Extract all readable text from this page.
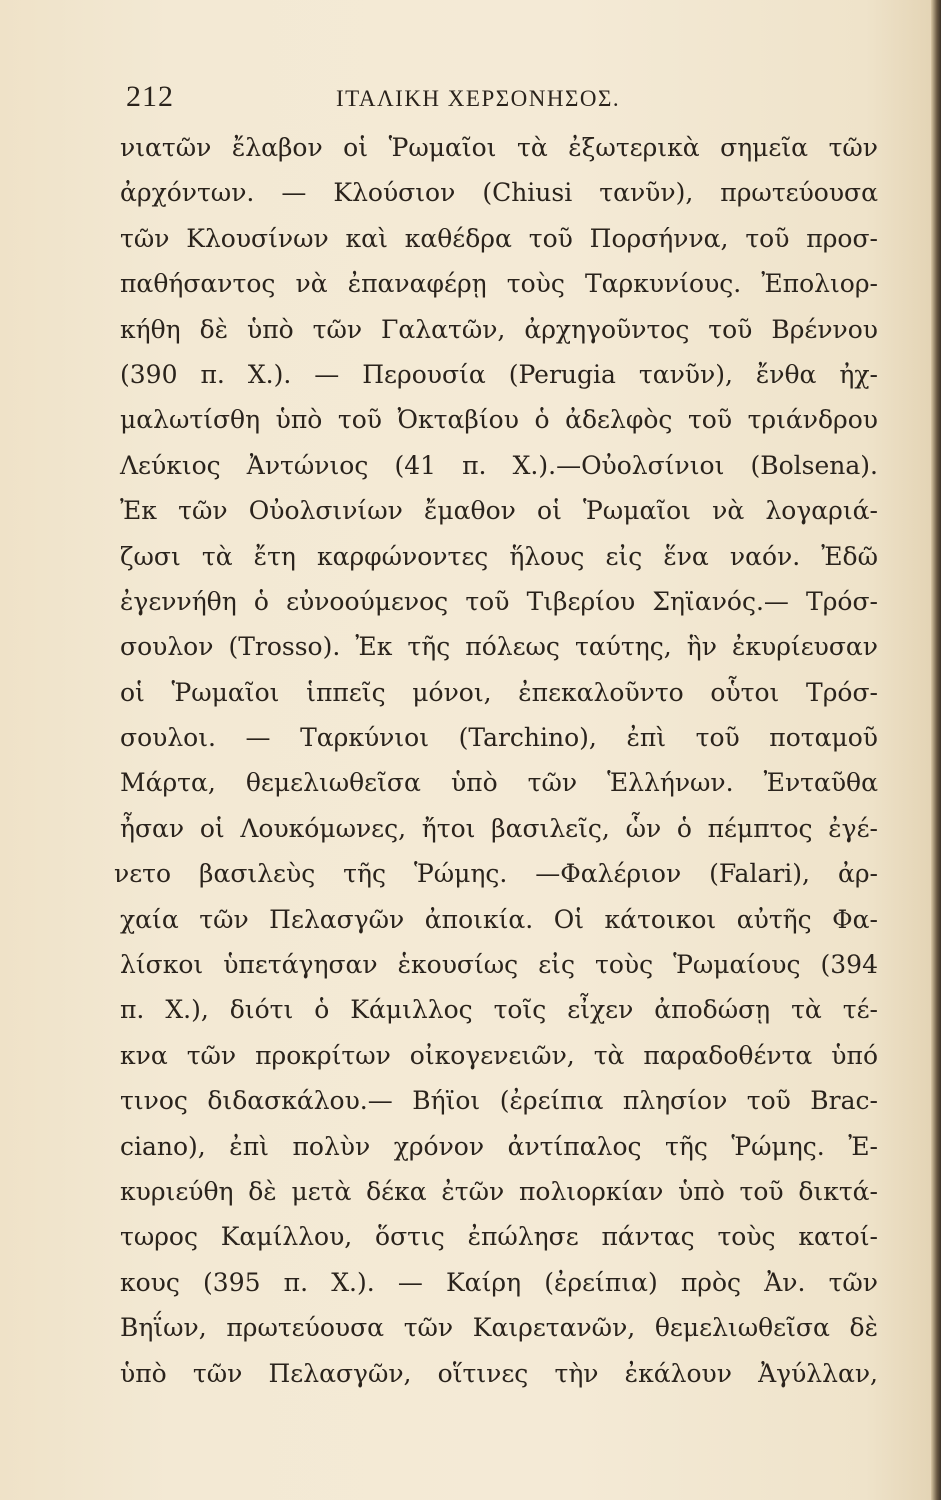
212	ΙΤΑΛΙΚΗ ΧΕΡΣΟΝΗΣΟΣ.
νιατῶν ἔλαβον οἱ Ῥωμαῖοι τὰ ἐξωτερικὰ σημεῖα τῶν
ἀρχόντων. — Κλούσιον (Chiusi τανῦν), πρωτεύουσα
τῶν Κλουσίνων καὶ καθέδρα τοῦ Πορσήννα, τοῦ προσ-
παθήσαντος νὰ ἐπαναφέρῃ τοὺς Ταρκυνίους. Ἐπολιορ-
κήθη δὲ ὑπὸ τῶν Γαλατῶν, ἀρχηγοῦντος τοῦ Βρέννου
(390 π. Χ.). — Περουσία (Perugia τανῦν), ἔνθα ἠχ-
μαλωτίσθη ὑπὸ τοῦ Ὀκταβίου ὁ ἀδελφὸς τοῦ τριάνδρου
Λεύκιος Ἀντώνιος (41 π. Χ.).—Οὐολσίνιοι (Bolsena).
Ἐκ τῶν Οὐολσινίων ἔμαθον οἱ Ῥωμαῖοι νὰ λογαριά-
ζωσι τὰ ἔτη καρφώνοντες ἥλους εἰς ἕνα ναόν. Ἐδῶ
ἐγεννήθη ὁ εὐνοούμενος τοῦ Τιβερίου Σηϊανός.— Τρόσ-
σουλον (Trosso). Ἐκ τῆς πόλεως ταύτης, ἣν ἐκυρίευσαν
οἱ Ῥωμαῖοι ἱππεῖς μόνοι, ἐπεκαλοῦντο οὗτοι Τρόσ-
σουλοι. — Ταρκύνιοι (Tarchino), ἐπὶ τοῦ ποταμοῦ
Μάρτα, θεμελιωθεῖσα ὑπὸ τῶν Ἑλλήνων. Ἐνταῦθα
ἦσαν οἱ Λουκόμωνες, ἤτοι βασιλεῖς, ὧν ὁ πέμπτος ἐγέ-
νετο βασιλεὺς τῆς Ῥώμης. —Φαλέριον (Falari), ἀρ-
χαία τῶν Πελασγῶν ἀποικία. Οἱ κάτοικοι αὐτῆς Φα-
λίσκοι ὑπετάγησαν ἑκουσίως εἰς τοὺς Ῥωμαίους (394
π. Χ.), διότι ὁ Κάμιλλος τοῖς εἶχεν ἀποδώσῃ τὰ τέ-
κνα τῶν προκρίτων οἰκογενειῶν, τὰ παραδοθέντα ὑπό
τινος διδασκάλου.— Βήϊοι (ἐρείπια πλησίον τοῦ Brac-
ciano), ἐπὶ πολὺν χρόνον ἀντίπαλος τῆς Ῥώμης. Ἐ-
κυριεύθη δὲ μετὰ δέκα ἐτῶν πολιορκίαν ὑπὸ τοῦ δικτά-
τωρος Καμίλλου, ὅστις ἐπώλησε πάντας τοὺς κατοί-
κους (395 π. Χ.). — Καίρη (ἐρείπια) πρὸς Ἀν. τῶν
Βηΐων, πρωτεύουσα τῶν Καιρετανῶν, θεμελιωθεῖσα δὲ
ὑπὸ τῶν Πελασγῶν, οἵτινες τὴν ἐκάλουν Ἀγύλλαν,
